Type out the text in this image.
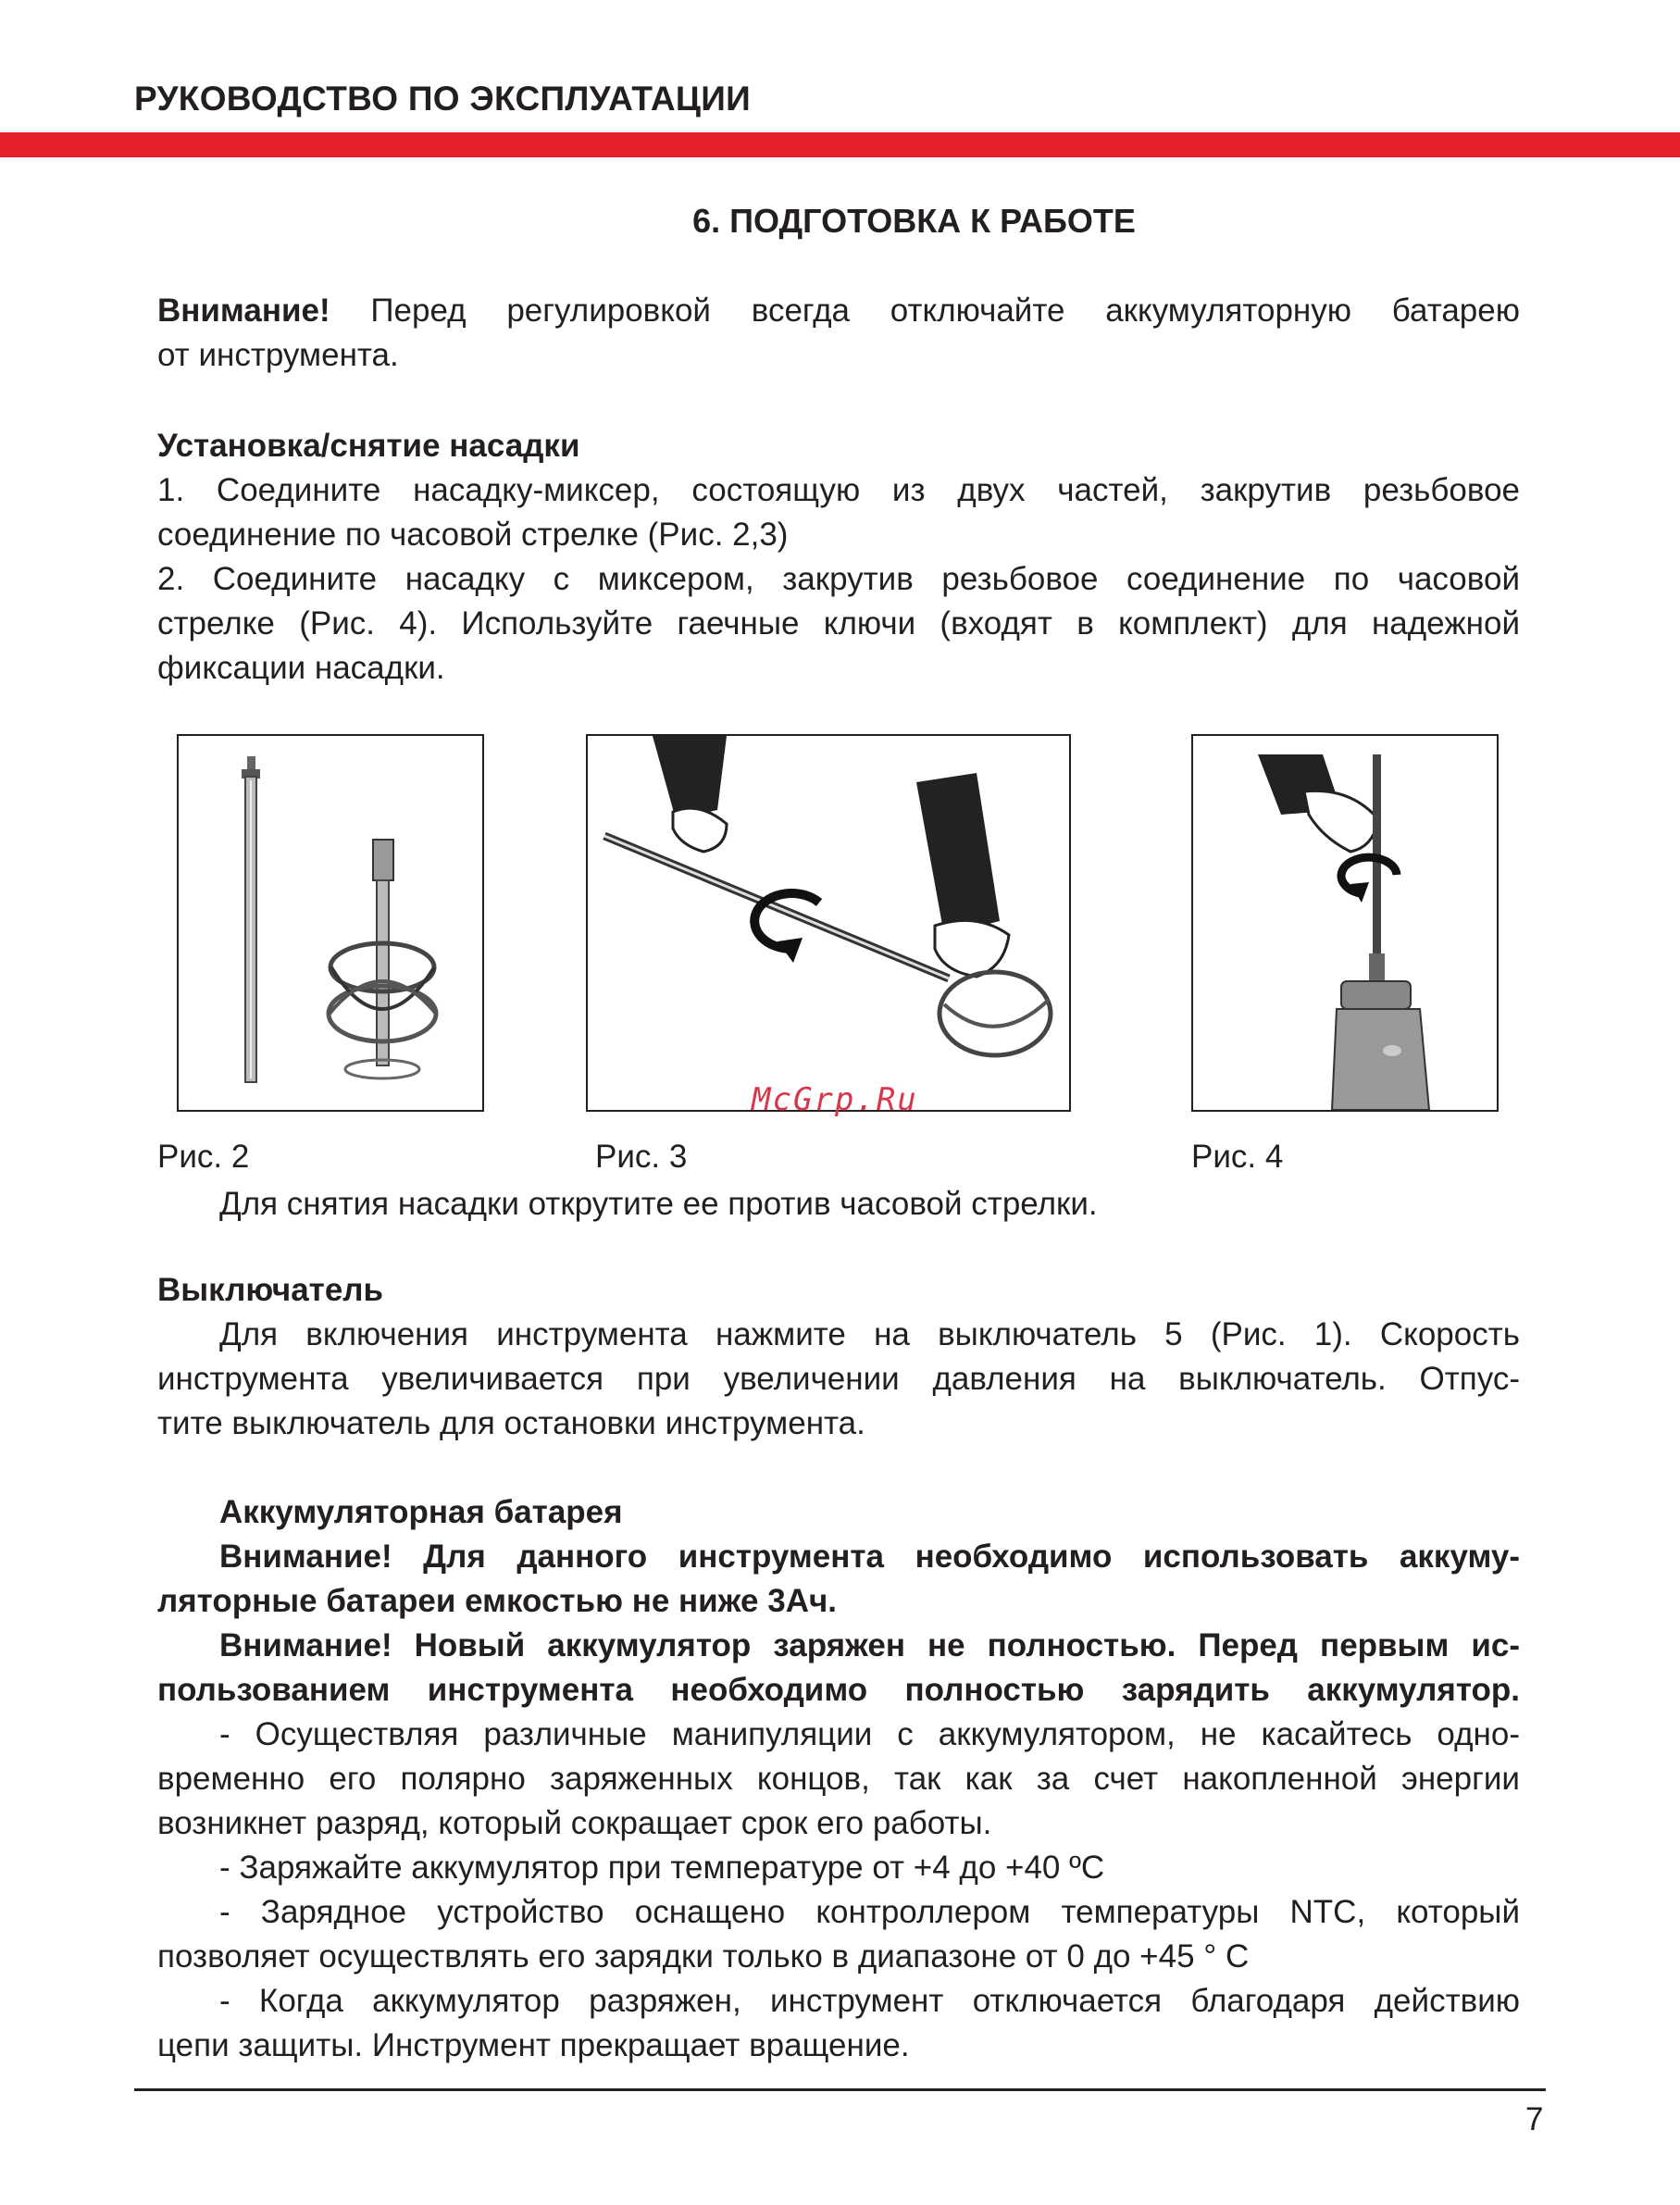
РУКОВОДСТВО ПО ЭКСПЛУАТАЦИИ
6. ПОДГОТОВКА К РАБОТЕ
Внимание! Перед регулировкой всегда отключайте аккумуляторную батарею
от инструмента.
Установка/снятие насадки
1. Соедините насадку-миксер, состоящую из двух частей, закрутив резьбовое
соединение по часовой стрелке (Рис. 2,3)
2. Соедините насадку с миксером, закрутив резьбовое соединение по часовой
стрелке (Рис. 4). Используйте гаечные ключи (входят в комплект) для надежной
фиксации насадки.
McGrp.Ru
Рис. 2	Рис. 3	Рис. 4
Для снятия насадки открутите ее против часовой стрелки.
Выключатель
Для включения инструмента нажмите на выключатель 5 (Рис. 1). Скорость
инструмента увеличивается при увеличении давления на выключатель. Отпус-
тите выключатель для остановки инструмента.
Аккумуляторная батарея
Внимание! Для данного инструмента необходимо использовать аккуму-
ляторные батареи емкостью не ниже 3Ач.
Внимание! Новый аккумулятор заряжен не полностью. Перед первым ис-
пользованием инструмента необходимо полностью зарядить аккумулятор.
- Осуществляя различные манипуляции с аккумулятором, не касайтесь одно-
временно его полярно заряженных концов, так как за счет накопленной энергии
возникнет разряд, который сокращает срок его работы.
- Заряжайте аккумулятор при температуре от +4 до +40 ºС
- Зарядное устройство оснащено контроллером температуры NTC, который
позволяет осуществлять его зарядки только в диапазоне от 0 до +45 ° С
- Когда аккумулятор разряжен, инструмент отключается благодаря действию
цепи защиты. Инструмент прекращает вращение.
7
